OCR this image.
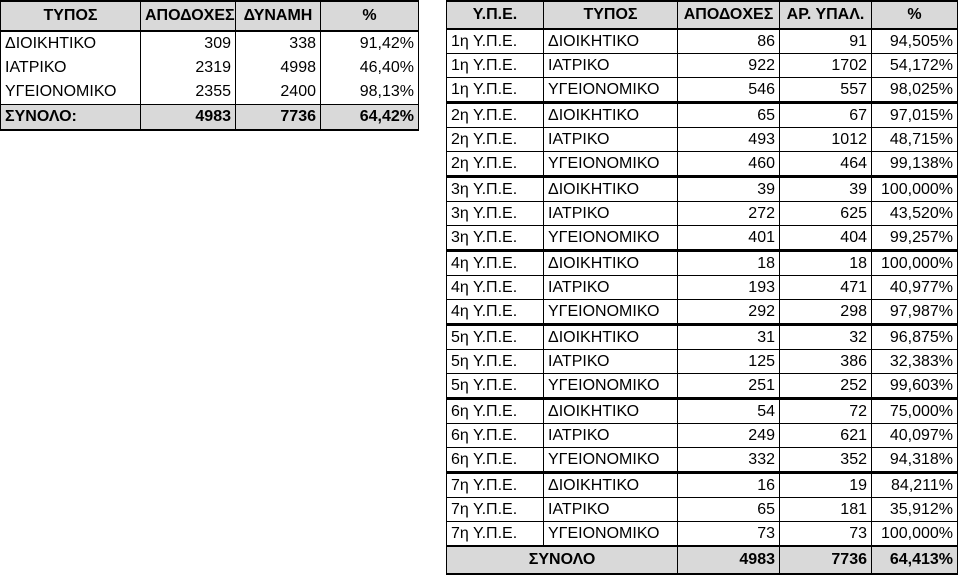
ΤΥΠΟΣ	ΑΠΟΔΟΧΕΣ	ΔΥΝΑΜΗ	%
ΔΙΟΙΚΗΤΙΚΟ	309	338	91,42%
ΙΑΤΡΙΚΟ	2319	4998	46,40%
ΥΓΕΙΟΝΟΜΙΚΟ	2355	2400	98,13%
ΣΥΝΟΛΟ:	4983	7736	64,42%
Υ.Π.Ε.	ΤΥΠΟΣ	ΑΠΟΔΟΧΕΣ	ΑΡ. ΥΠΑΛ.	%
1η Υ.Π.Ε.	ΔΙΟΙΚΗΤΙΚΟ	86	91	94,505%
1η Υ.Π.Ε.	ΙΑΤΡΙΚΟ	922	1702	54,172%
1η Υ.Π.Ε.	ΥΓΕΙΟΝΟΜΙΚΟ	546	557	98,025%
2η Υ.Π.Ε.	ΔΙΟΙΚΗΤΙΚΟ	65	67	97,015%
2η Υ.Π.Ε.	ΙΑΤΡΙΚΟ	493	1012	48,715%
2η Υ.Π.Ε.	ΥΓΕΙΟΝΟΜΙΚΟ	460	464	99,138%
3η Υ.Π.Ε.	ΔΙΟΙΚΗΤΙΚΟ	39	39	100,000%
3η Υ.Π.Ε.	ΙΑΤΡΙΚΟ	272	625	43,520%
3η Υ.Π.Ε.	ΥΓΕΙΟΝΟΜΙΚΟ	401	404	99,257%
4η Υ.Π.Ε.	ΔΙΟΙΚΗΤΙΚΟ	18	18	100,000%
4η Υ.Π.Ε.	ΙΑΤΡΙΚΟ	193	471	40,977%
4η Υ.Π.Ε.	ΥΓΕΙΟΝΟΜΙΚΟ	292	298	97,987%
5η Υ.Π.Ε.	ΔΙΟΙΚΗΤΙΚΟ	31	32	96,875%
5η Υ.Π.Ε.	ΙΑΤΡΙΚΟ	125	386	32,383%
5η Υ.Π.Ε.	ΥΓΕΙΟΝΟΜΙΚΟ	251	252	99,603%
6η Υ.Π.Ε.	ΔΙΟΙΚΗΤΙΚΟ	54	72	75,000%
6η Υ.Π.Ε.	ΙΑΤΡΙΚΟ	249	621	40,097%
6η Υ.Π.Ε.	ΥΓΕΙΟΝΟΜΙΚΟ	332	352	94,318%
7η Υ.Π.Ε.	ΔΙΟΙΚΗΤΙΚΟ	16	19	84,211%
7η Υ.Π.Ε.	ΙΑΤΡΙΚΟ	65	181	35,912%
7η Υ.Π.Ε.	ΥΓΕΙΟΝΟΜΙΚΟ	73	73	100,000%
ΣΥΝΟΛΟ		4983	7736	64,413%
